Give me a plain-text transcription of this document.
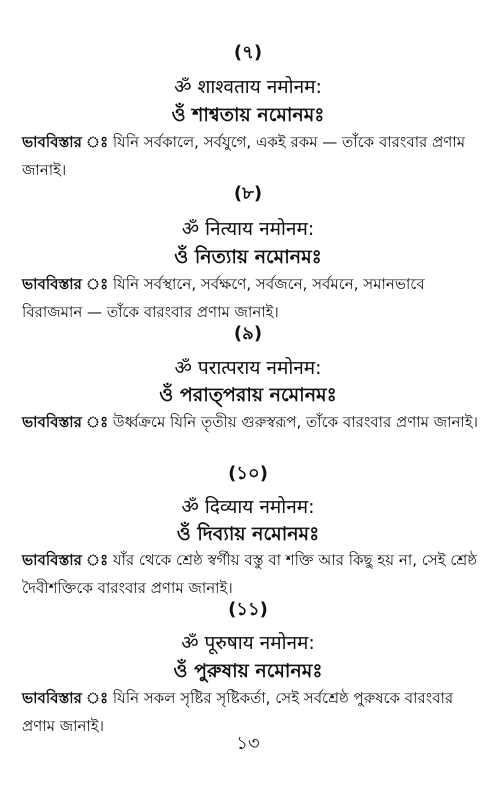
(৭)
ॐ शाश्वताय नमोनम:
ওঁ শাশ্বতায় নমোনমঃ
ভাববিস্তার ঃ যিনি সর্বকালে, সর্বযুগে, একই রকম — তাঁকে বারংবার প্রণাম জানাই।
(৮)
ॐ नित्याय नमोनम:
ওঁ নিত্যায় নমোনমঃ
ভাববিস্তার ঃ যিনি সর্বস্থানে, সর্বক্ষণে, সর্বজনে, সর্বমনে, সমানভাবে বিরাজমান — তাঁকে বারংবার প্রণাম জানাই।
(৯)
ॐ परात्पराय नमोनम:
ওঁ পরাত্পরায় নমোনমঃ
ভাববিস্তার ঃ উর্ধ্বক্রমে যিনি তৃতীয় গুরুস্বরূপ, তাঁকে বারংবার প্রণাম জানাই।
(১০)
ॐ दिव्याय नमोनम:
ওঁ দিব্যায় নমোনমঃ
ভাববিস্তার ঃ যাঁর থেকে শ্রেষ্ঠ স্বর্গীয় বস্তু বা শক্তি আর কিছু হয় না, সেই শ্রেষ্ঠ দৈবীশক্তিকে বারংবার প্রণাম জানাই।
(১১)
ॐ पूरुषाय नमोनम:
ওঁ পুরুষায় নমোনমঃ
ভাববিস্তার ঃ যিনি সকল সৃষ্টির সৃষ্টিকর্তা, সেই সর্বশ্রেষ্ঠ পুরুষকে বারংবার প্রণাম জানাই।
১৩
